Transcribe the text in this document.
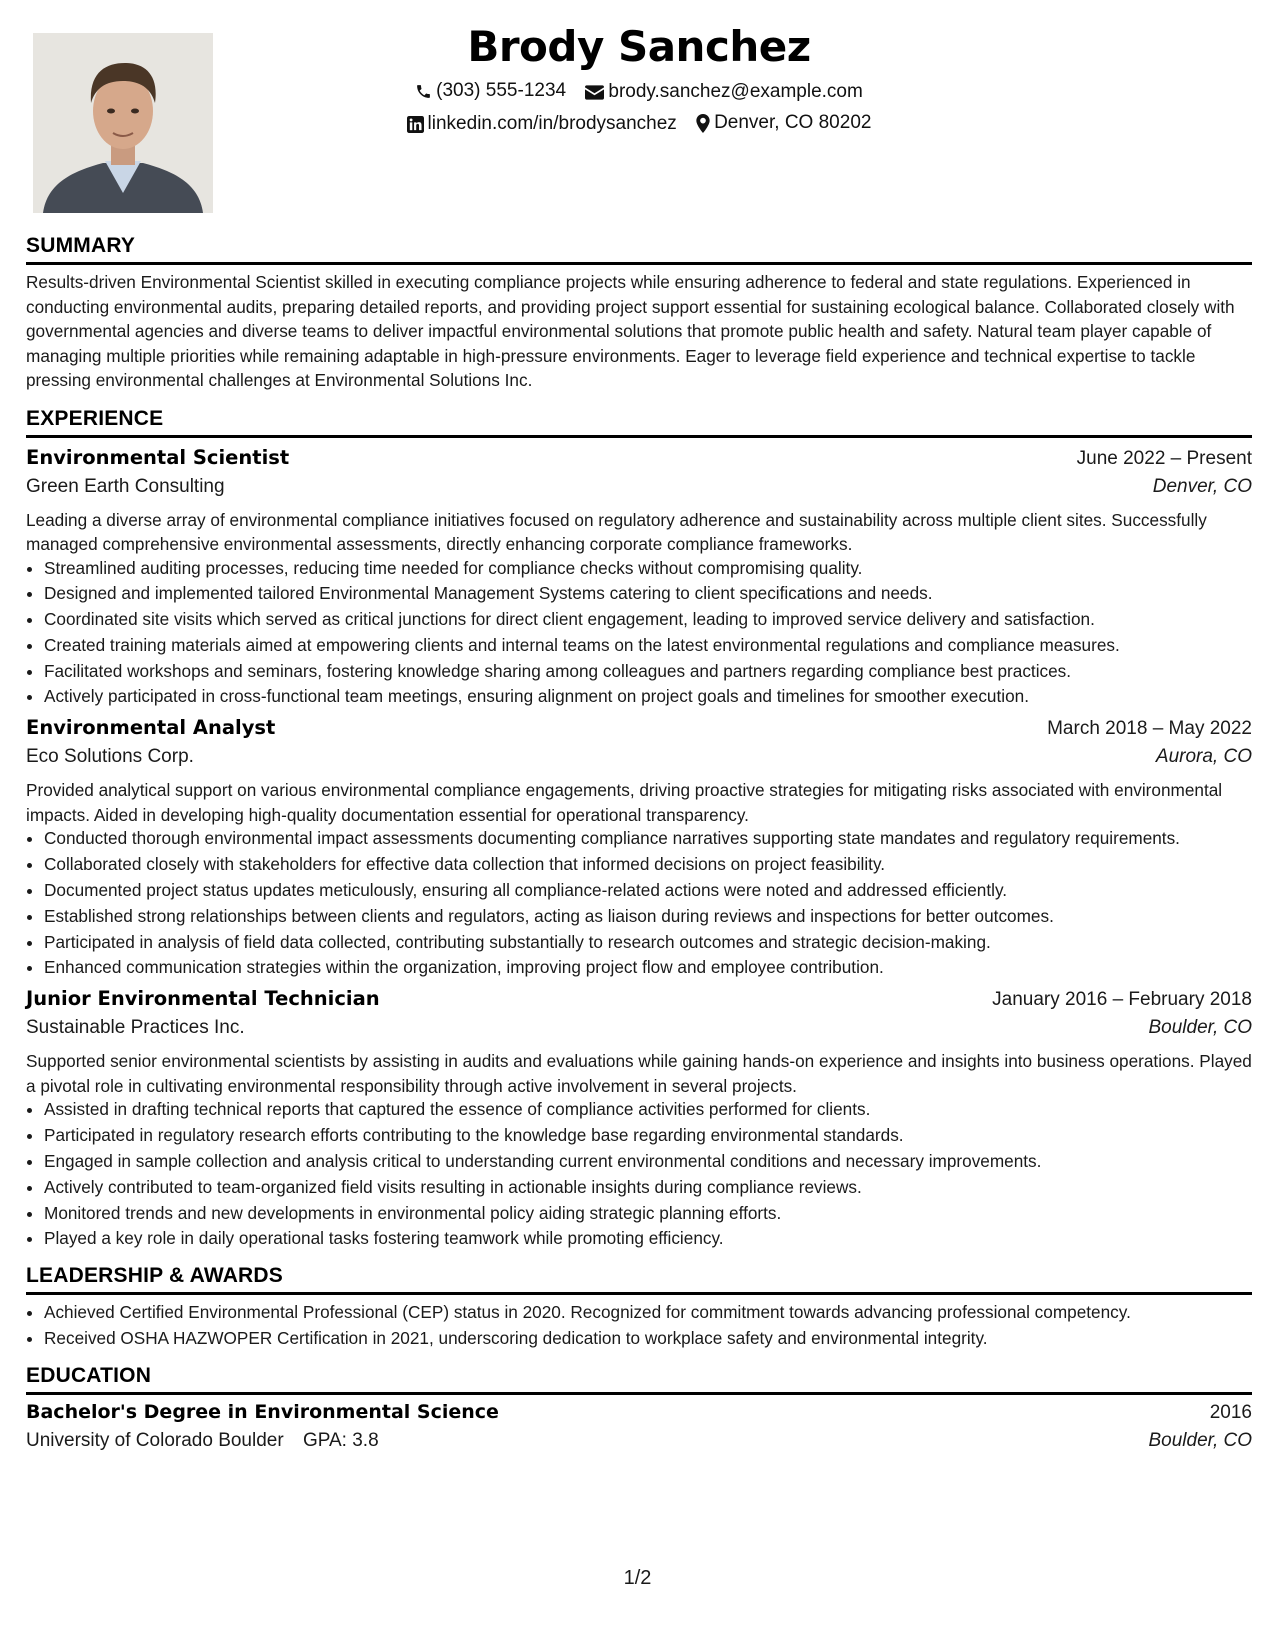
Brody Sanchez
(303) 555-1234
brody.sanchez@example.com
linkedin.com/in/brodysanchez
Denver, CO 80202
SUMMARY

Results-driven Environmental Scientist skilled in executing compliance projects while ensuring adherence to federal and state regulations. Experienced in conducting environmental audits, preparing detailed reports, and providing project support essential for sustaining ecological balance. Collaborated closely with governmental agencies and diverse teams to deliver impactful environmental solutions that promote public health and safety. Natural team player capable of managing multiple priorities while remaining adaptable in high-pressure environments. Eager to leverage field experience and technical expertise to tackle pressing environmental challenges at Environmental Solutions Inc.

EXPERIENCE
Environmental Scientist	June 2022 – Present
Green Earth Consulting	Denver, CO

Leading a diverse array of environmental compliance initiatives focused on regulatory adherence and sustainability across multiple client sites. Successfully managed comprehensive environmental assessments, directly enhancing corporate compliance frameworks.

• Streamlined auditing processes, reducing time needed for compliance checks without compromising quality.
• Designed and implemented tailored Environmental Management Systems catering to client specifications and needs.
• Coordinated site visits which served as critical junctions for direct client engagement, leading to improved service delivery and satisfaction.
• Created training materials aimed at empowering clients and internal teams on the latest environmental regulations and compliance measures.
• Facilitated workshops and seminars, fostering knowledge sharing among colleagues and partners regarding compliance best practices.
• Actively participated in cross-functional team meetings, ensuring alignment on project goals and timelines for smoother execution.
Environmental Analyst	March 2018 – May 2022
Eco Solutions Corp.	Aurora, CO

Provided analytical support on various environmental compliance engagements, driving proactive strategies for mitigating risks associated with environmental impacts. Aided in developing high-quality documentation essential for operational transparency.

• Conducted thorough environmental impact assessments documenting compliance narratives supporting state mandates and regulatory requirements.
• Collaborated closely with stakeholders for effective data collection that informed decisions on project feasibility.
• Documented project status updates meticulously, ensuring all compliance-related actions were noted and addressed efficiently.
• Established strong relationships between clients and regulators, acting as liaison during reviews and inspections for better outcomes.
• Participated in analysis of field data collected, contributing substantially to research outcomes and strategic decision-making.
• Enhanced communication strategies within the organization, improving project flow and employee contribution.
Junior Environmental Technician	January 2016 – February 2018
Sustainable Practices Inc.	Boulder, CO

Supported senior environmental scientists by assisting in audits and evaluations while gaining hands-on experience and insights into business operations. Played a pivotal role in cultivating environmental responsibility through active involvement in several projects.

• Assisted in drafting technical reports that captured the essence of compliance activities performed for clients.
• Participated in regulatory research efforts contributing to the knowledge base regarding environmental standards.
• Engaged in sample collection and analysis critical to understanding current environmental conditions and necessary improvements.
• Actively contributed to team-organized field visits resulting in actionable insights during compliance reviews.
• Monitored trends and new developments in environmental policy aiding strategic planning efforts.
• Played a key role in daily operational tasks fostering teamwork while promoting efficiency.
LEADERSHIP & AWARDS
• Achieved Certified Environmental Professional (CEP) status in 2020. Recognized for commitment towards advancing professional competency.
• Received OSHA HAZWOPER Certification in 2021, underscoring dedication to workplace safety and environmental integrity.
EDUCATION
Bachelor's Degree in Environmental Science	2016
University of Colorado Boulder GPA: 3.8	Boulder, CO
1/2
